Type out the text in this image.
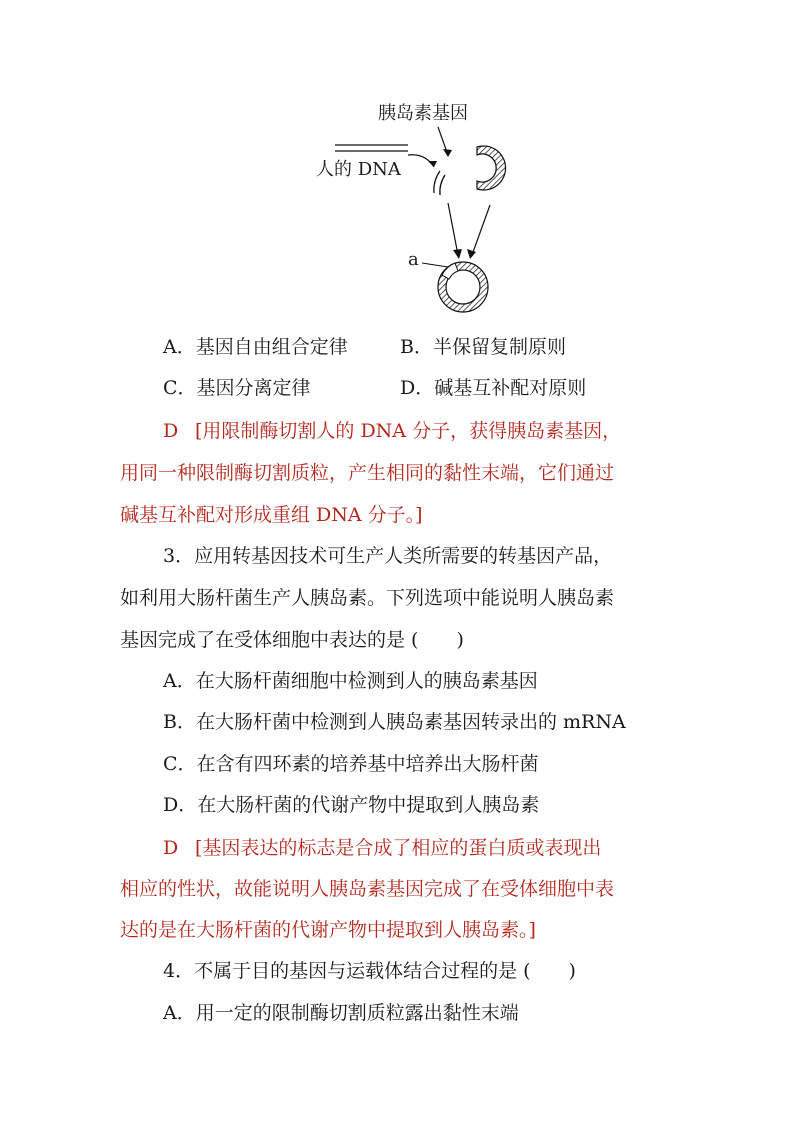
胰岛素基因
人的 DNA
a
A．基因自由组合定律	B．半保留复制原则
C．基因分离定律	D．碱基互补配对原则
D [用限制酶切割人的 DNA 分子，获得胰岛素基因，
用同一种限制酶切割质粒，产生相同的黏性末端，它们通过
碱基互补配对形成重组 DNA 分子。]
3．应用转基因技术可生产人类所需要的转基因产品，
如利用大肠杆菌生产人胰岛素。下列选项中能说明人胰岛素
基因完成了在受体细胞中表达的是 (　　)
A．在大肠杆菌细胞中检测到人的胰岛素基因
B．在大肠杆菌中检测到人胰岛素基因转录出的 mRNA
C．在含有四环素的培养基中培养出大肠杆菌
D．在大肠杆菌的代谢产物中提取到人胰岛素
D [基因表达的标志是合成了相应的蛋白质或表现出
相应的性状，故能说明人胰岛素基因完成了在受体细胞中表
达的是在大肠杆菌的代谢产物中提取到人胰岛素。]
4．不属于目的基因与运载体结合过程的是 (　　)
A．用一定的限制酶切割质粒露出黏性末端
